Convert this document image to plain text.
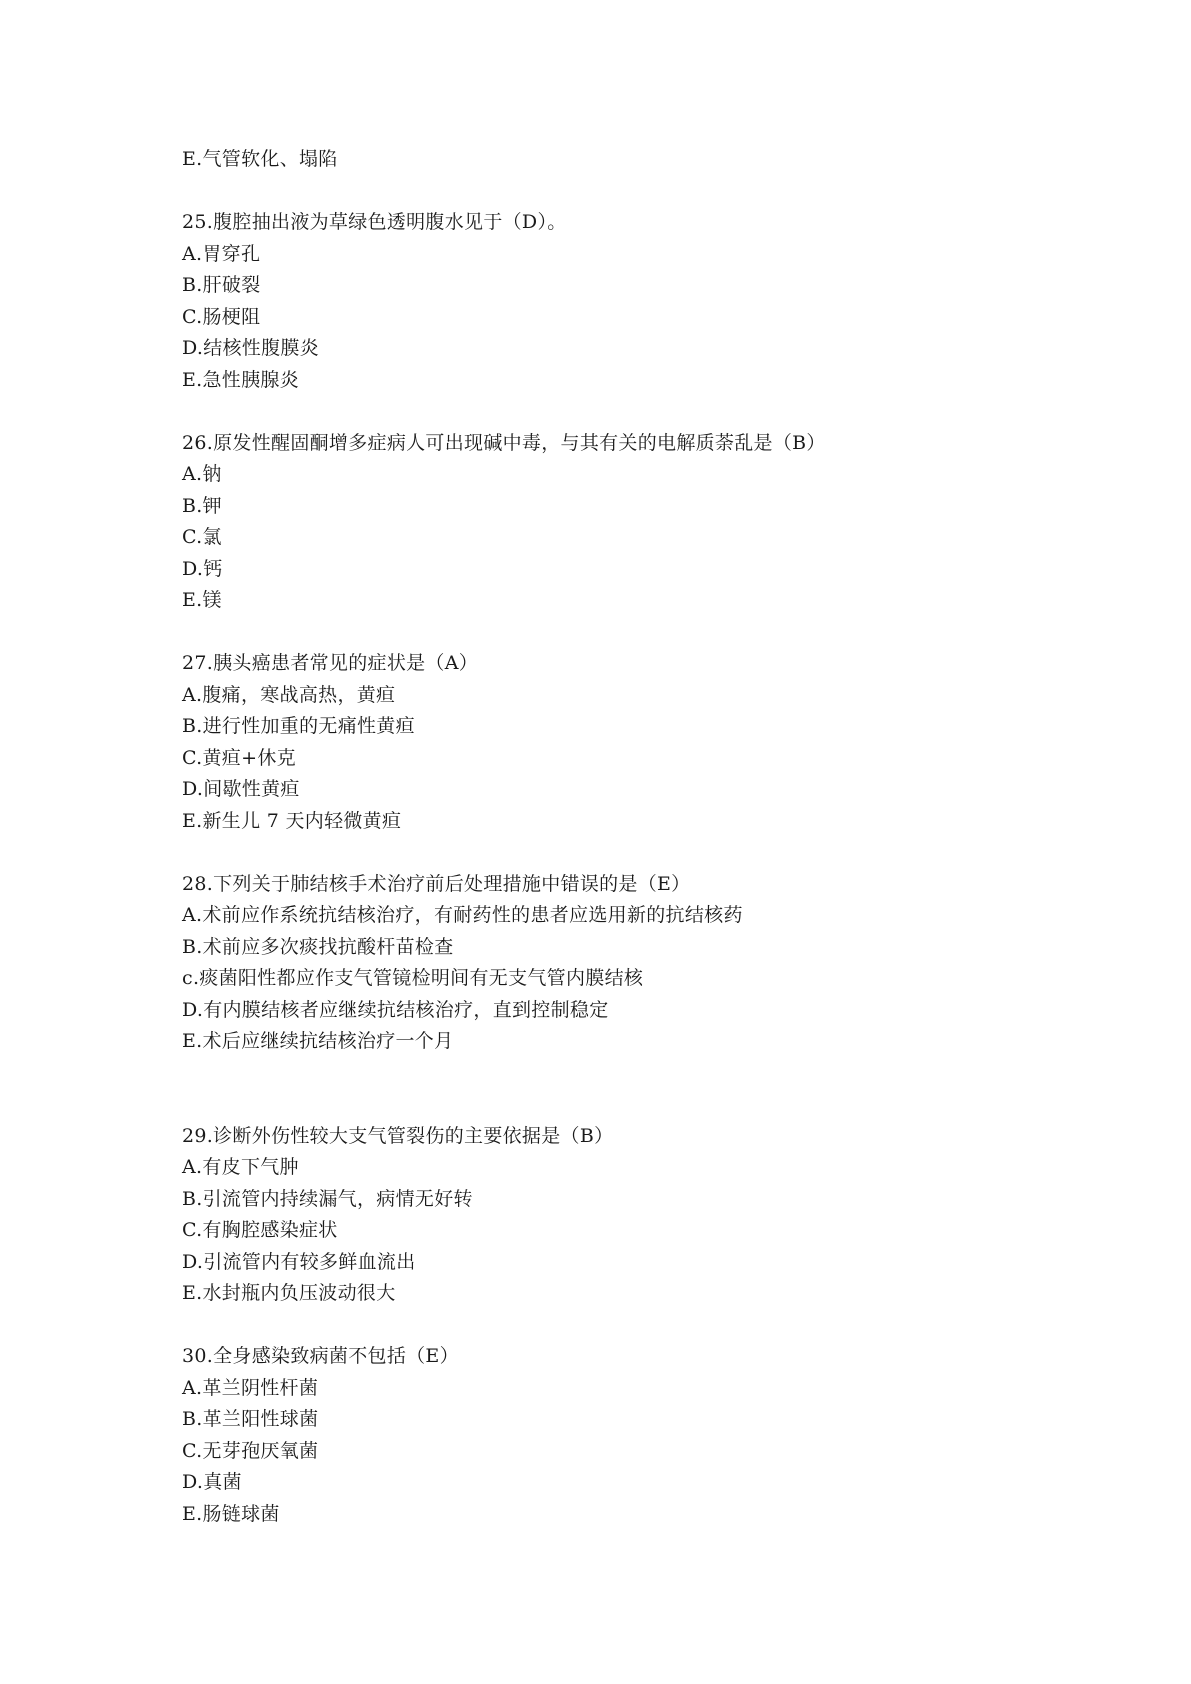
E.气管软化、塌陷
25.腹腔抽出液为草绿色透明腹水见于（D）。
A.胃穿孔
B.肝破裂
C.肠梗阻
D.结核性腹膜炎
E.急性胰腺炎
26.原发性醒固酮增多症病人可出现碱中毒，与其有关的电解质荼乱是（B）
A.钠
B.钾
C.氯
D.钙
E.镁
27.胰头癌患者常见的症状是（A）
A.腹痛，寒战高热，黄疸
B.进行性加重的无痛性黄疸
C.黄疸+休克
D.间歇性黄疸
E.新生儿 7 天内轻微黄疸
28.下列关于肺结核手术治疗前后处理措施中错误的是（E）
A.术前应作系统抗结核治疗，有耐药性的患者应选用新的抗结核药
B.术前应多次痰找抗酸杆苗检查
c.痰菌阳性都应作支气管镜检明间有无支气管内膜结核
D.有内膜结核者应继续抗结核治疗，直到控制稳定
E.术后应继续抗结核治疗一个月
29.诊断外伤性较大支气管裂伤的主要依据是（B）
A.有皮下气肿
B.引流管内持续漏气，病情无好转
C.有胸腔感染症状
D.引流管内有较多鲜血流出
E.水封瓶内负压波动很大
30.全身感染致病菌不包括（E）
A.革兰阴性杆菌
B.革兰阳性球菌
C.无芽孢厌氧菌
D.真菌
E.肠链球菌
